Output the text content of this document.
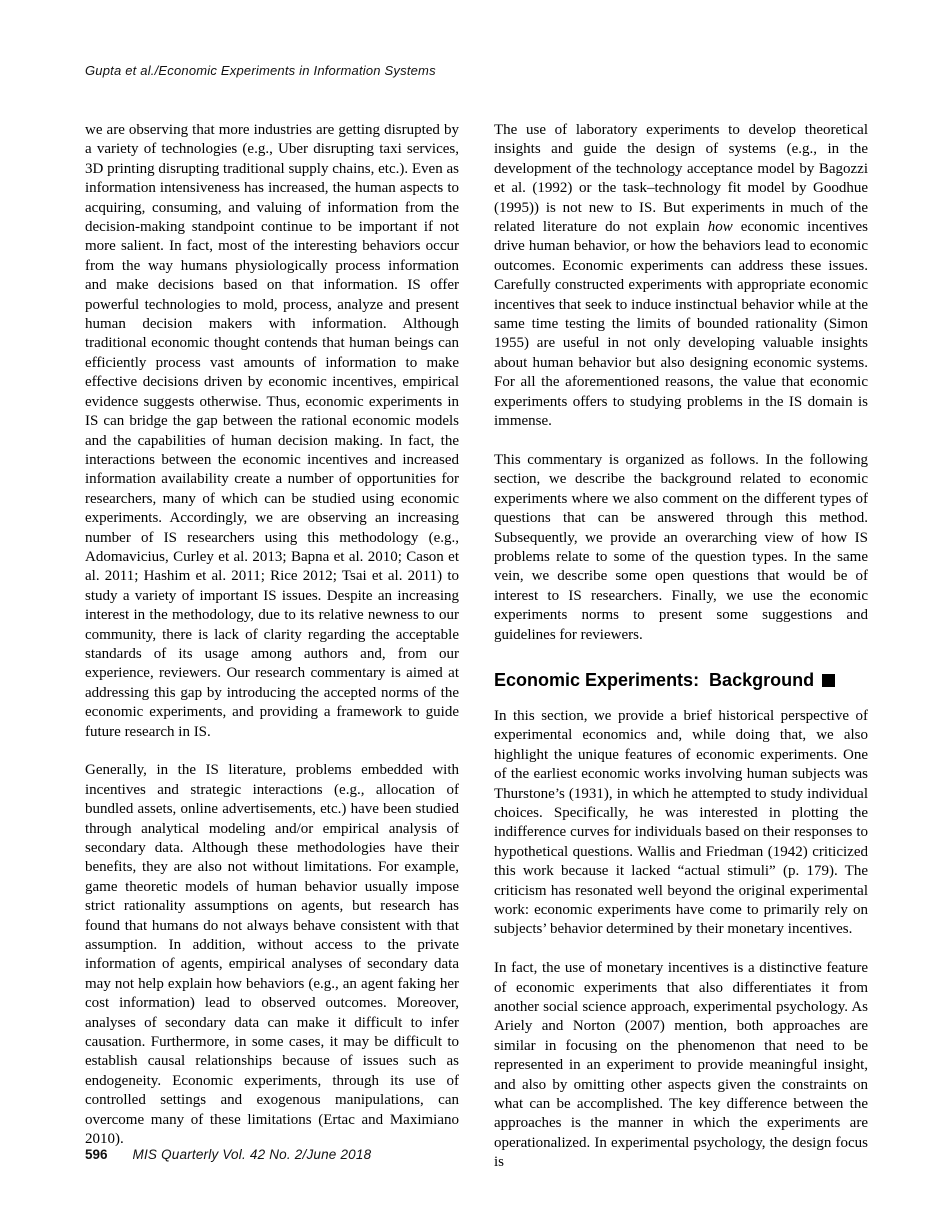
Gupta et al./Economic Experiments in Information Systems

we are observing that more industries are getting disrupted by a variety of technologies (e.g., Uber disrupting taxi services, 3D printing disrupting traditional supply chains, etc.). Even as information intensiveness has increased, the human aspects to acquiring, consuming, and valuing of information from the decision-making standpoint continue to be important if not more salient. In fact, most of the interesting behaviors occur from the way humans physiologically process information and make decisions based on that information. IS offer powerful technologies to mold, process, analyze and present human decision makers with information. Although traditional economic thought contends that human beings can efficiently process vast amounts of information to make effective decisions driven by economic incentives, empirical evidence suggests otherwise. Thus, economic experiments in IS can bridge the gap between the rational economic models and the capabilities of human decision making. In fact, the interactions between the economic incentives and increased information availability create a number of opportunities for researchers, many of which can be studied using economic experiments. Accordingly, we are observing an increasing number of IS researchers using this methodology (e.g., Adomavicius, Curley et al. 2013; Bapna et al. 2010; Cason et al. 2011; Hashim et al. 2011; Rice 2012; Tsai et al. 2011) to study a variety of important IS issues. Despite an increasing interest in the methodology, due to its relative newness to our community, there is lack of clarity regarding the acceptable standards of its usage among authors and, from our experience, reviewers. Our research commentary is aimed at addressing this gap by introducing the accepted norms of the economic experiments, and providing a framework to guide future research in IS.

Generally, in the IS literature, problems embedded with incentives and strategic interactions (e.g., allocation of bundled assets, online advertisements, etc.) have been studied through analytical modeling and/or empirical analysis of secondary data. Although these methodologies have their benefits, they are also not without limitations. For example, game theoretic models of human behavior usually impose strict rationality assumptions on agents, but research has found that humans do not always behave consistent with that assumption. In addition, without access to the private information of agents, empirical analyses of secondary data may not help explain how behaviors (e.g., an agent faking her cost information) lead to observed outcomes. Moreover, analyses of secondary data can make it difficult to infer causation. Furthermore, in some cases, it may be difficult to establish causal relationships because of issues such as endogeneity. Economic experiments, through its use of controlled settings and exogenous manipulations, can overcome many of these limitations (Ertac and Maximiano 2010).

The use of laboratory experiments to develop theoretical insights and guide the design of systems (e.g., in the development of the technology acceptance model by Bagozzi et al. (1992) or the task–technology fit model by Goodhue (1995)) is not new to IS. But experiments in much of the related literature do not explain how economic incentives drive human behavior, or how the behaviors lead to economic outcomes. Economic experiments can address these issues. Carefully constructed experiments with appropriate economic incentives that seek to induce instinctual behavior while at the same time testing the limits of bounded rationality (Simon 1955) are useful in not only developing valuable insights about human behavior but also designing economic systems. For all the aforementioned reasons, the value that economic experiments offers to studying problems in the IS domain is immense.

This commentary is organized as follows. In the following section, we describe the background related to economic experiments where we also comment on the different types of questions that can be answered through this method. Subsequently, we provide an overarching view of how IS problems relate to some of the question types. In the same vein, we describe some open questions that would be of interest to IS researchers. Finally, we use the economic experiments norms to present some suggestions and guidelines for reviewers.

Economic Experiments:  Background

In this section, we provide a brief historical perspective of experimental economics and, while doing that, we also highlight the unique features of economic experiments. One of the earliest economic works involving human subjects was Thurstone’s (1931), in which he attempted to study individual choices. Specifically, he was interested in plotting the indifference curves for individuals based on their responses to hypothetical questions. Wallis and Friedman (1942) criticized this work because it lacked “actual stimuli” (p. 179). The criticism has resonated well beyond the original experimental work: economic experiments have come to primarily rely on subjects’ behavior determined by their monetary incentives.

In fact, the use of monetary incentives is a distinctive feature of economic experiments that also differentiates it from another social science approach, experimental psychology. As Ariely and Norton (2007) mention, both approaches are similar in focusing on the phenomenon that need to be represented in an experiment to provide meaningful insight, and also by omitting other aspects given the constraints on what can be accomplished. The key difference between the approaches is the manner in which the experiments are operationalized. In experimental psychology, the design focus is

596 MIS Quarterly Vol. 42 No. 2/June 2018
